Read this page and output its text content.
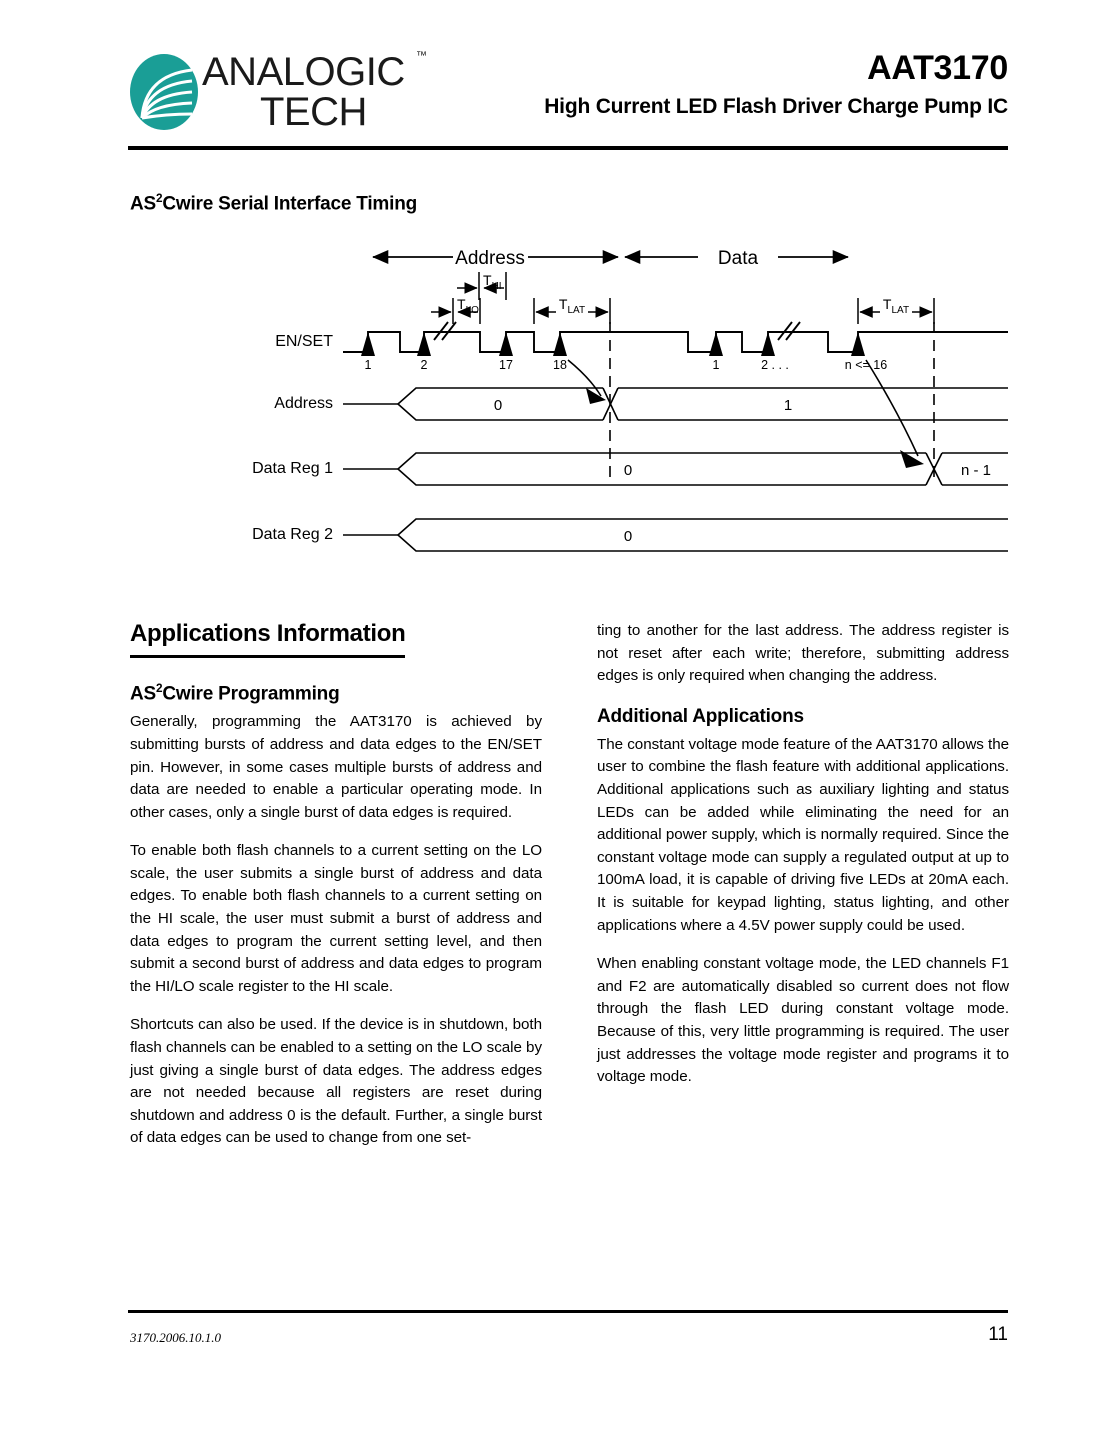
ANALOGIC
TECH
™	AAT3170
High Current LED Flash Driver Charge Pump IC
$AS^2Cwire$ Serial Interface Timing
Address	Data
$T_{HI}$
$T_{LO}$	$T_{LAT}$	$T_{LAT}$
EN/SET
1	2	17	18	1	2 . . .	n <= 16
Address	0	1
Data Reg 1	0	n - 1
Data Reg 2	0
Applications Information
$AS^2Cwire$ Programming

Generally, programming the AAT3170 is achieved by submitting bursts of address and data edges to the EN/SET pin. However, in some cases multiple bursts of address and data are needed to enable a particular operating mode. In other cases, only a single burst of data edges is required.

To enable both flash channels to a current setting on the LO scale, the user submits a single burst of address and data edges. To enable both flash channels to a current setting on the HI scale, the user must submit a burst of address and data edges to program the current setting level, and then submit a second burst of address and data edges to program the HI/LO scale register to the HI scale.

Shortcuts can also be used. If the device is in shutdown, both flash channels can be enabled to a setting on the LO scale by just giving a single burst of data edges. The address edges are not needed because all registers are reset during shutdown and address 0 is the default. Further, a single burst of data edges can be used to change from one set-

ting to another for the last address. The address register is not reset after each write; therefore, submitting address edges is only required when changing the address.

Additional Applications

The constant voltage mode feature of the AAT3170 allows the user to combine the flash feature with additional applications. Additional applications such as auxiliary lighting and status LEDs can be added while eliminating the need for an additional power supply, which is normally required. Since the constant voltage mode can supply a regulated output at up to 100mA load, it is capable of driving five LEDs at 20mA each. It is suitable for keypad lighting, status lighting, and other applications where a 4.5V power supply could be used.

When enabling constant voltage mode, the LED channels F1 and F2 are automatically disabled so current does not flow through the flash LED during constant voltage mode. Because of this, very little programming is required. The user just addresses the voltage mode register and programs it to voltage mode.

3170.2006.10.1.0	11
